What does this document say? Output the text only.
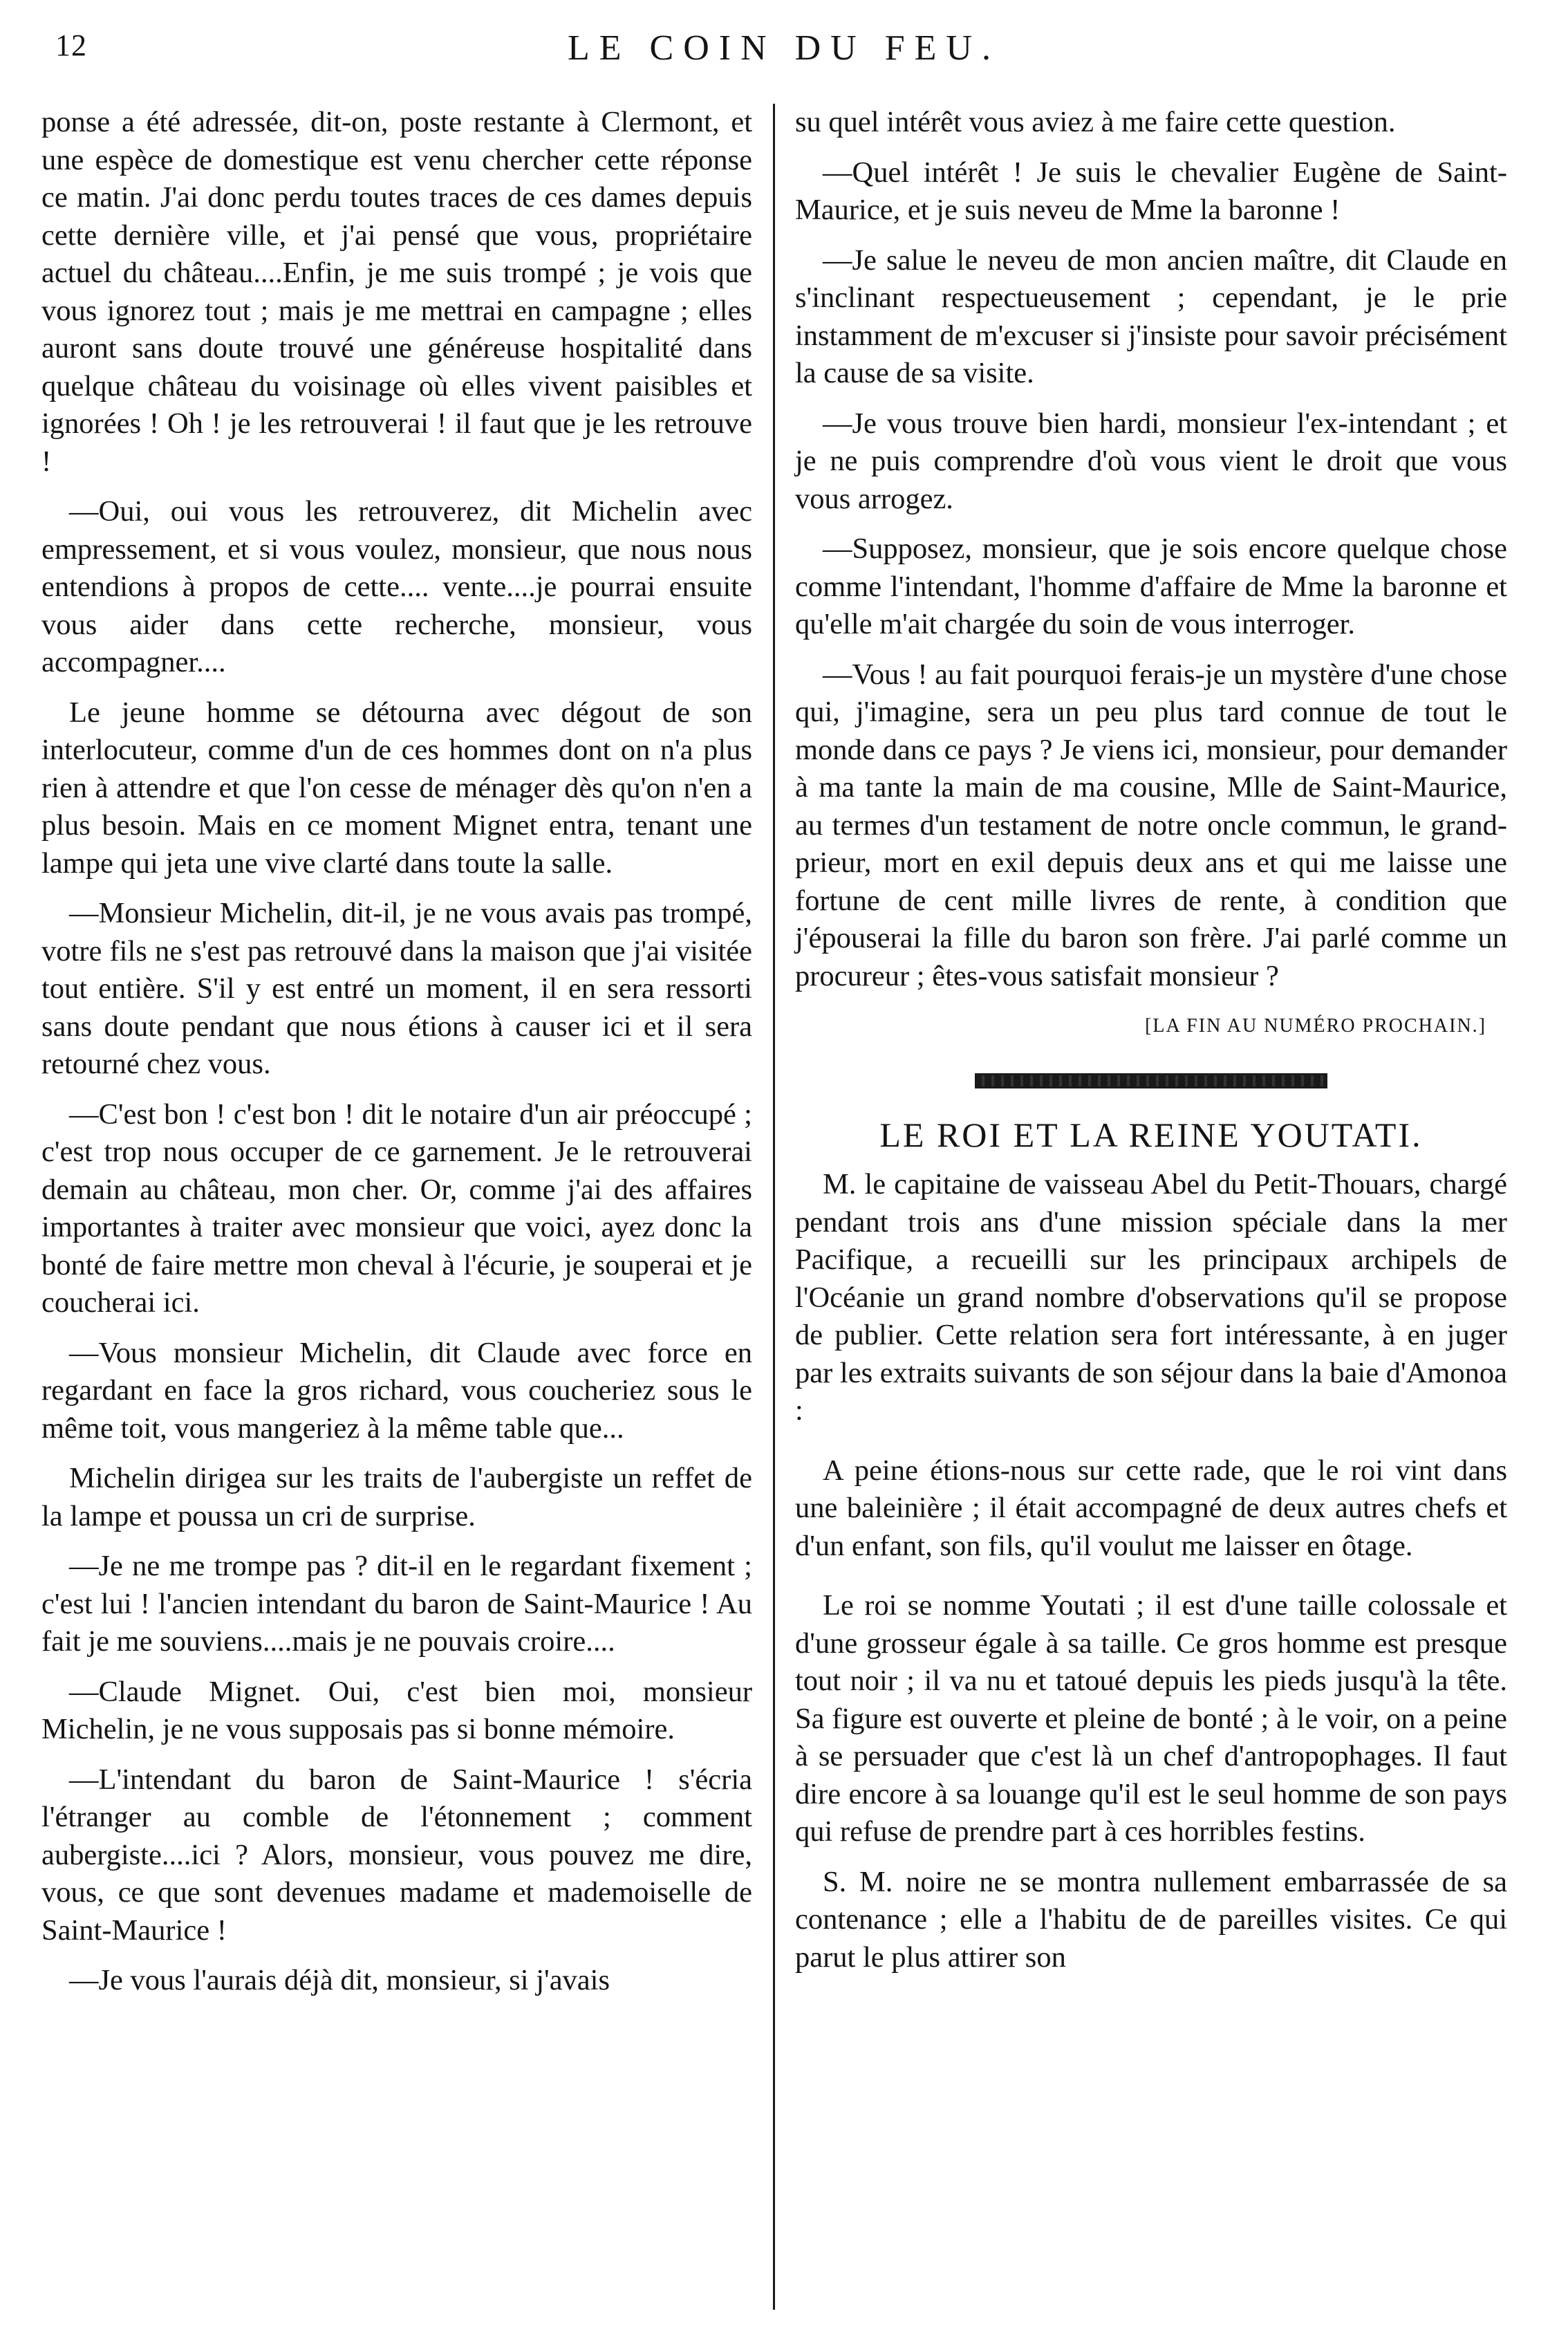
12	LE COIN DU FEU.

ponse a été adressée, dit-on, poste restante à Clermont, et une espèce de domestique est venu chercher cette réponse ce matin. J'ai donc perdu toutes traces de ces dames depuis cette dernière ville, et j'ai pensé que vous, propriétaire actuel du château....Enfin, je me suis trompé ; je vois que vous ignorez tout ; mais je me mettrai en campagne ; elles auront sans doute trouvé une généreuse hospitalité dans quelque château du voisinage où elles vivent paisibles et ignorées ! Oh ! je les retrouverai ! il faut que je les retrouve !

—Oui, oui vous les retrouverez, dit Michelin avec empressement, et si vous voulez, monsieur, que nous nous entendions à propos de cette.... vente....je pourrai ensuite vous aider dans cette recherche, monsieur, vous accompagner....

Le jeune homme se détourna avec dégout de son interlocuteur, comme d'un de ces hommes dont on n'a plus rien à attendre et que l'on cesse de ménager dès qu'on n'en a plus besoin. Mais en ce moment Mignet entra, tenant une lampe qui jeta une vive clarté dans toute la salle.

—Monsieur Michelin, dit-il, je ne vous avais pas trompé, votre fils ne s'est pas retrouvé dans la maison que j'ai visitée tout entière. S'il y est entré un moment, il en sera ressorti sans doute pendant que nous étions à causer ici et il sera retourné chez vous.

—C'est bon ! c'est bon ! dit le notaire d'un air préoccupé ; c'est trop nous occuper de ce garnement. Je le retrouverai demain au château, mon cher. Or, comme j'ai des affaires importantes à traiter avec monsieur que voici, ayez donc la bonté de faire mettre mon cheval à l'écurie, je souperai et je coucherai ici.

—Vous monsieur Michelin, dit Claude avec force en regardant en face la gros richard, vous coucheriez sous le même toit, vous mangeriez à la même table que...

Michelin dirigea sur les traits de l'aubergiste un reffet de la lampe et poussa un cri de surprise.

—Je ne me trompe pas ? dit-il en le regardant fixement ; c'est lui ! l'ancien intendant du baron de Saint-Maurice ! Au fait je me souviens....mais je ne pouvais croire....

—Claude Mignet. Oui, c'est bien moi, monsieur Michelin, je ne vous supposais pas si bonne mémoire.

—L'intendant du baron de Saint-Maurice ! s'écria l'étranger au comble de l'étonnement ; comment aubergiste....ici ? Alors, monsieur, vous pouvez me dire, vous, ce que sont devenues madame et mademoiselle de Saint-Maurice !

—Je vous l'aurais déjà dit, monsieur, si j'avais

su quel intérêt vous aviez à me faire cette question.

—Quel intérêt ! Je suis le chevalier Eugène de Saint-Maurice, et je suis neveu de Mme la baronne !

—Je salue le neveu de mon ancien maître, dit Claude en s'inclinant respectueusement ; cependant, je le prie instamment de m'excuser si j'insiste pour savoir précisément la cause de sa visite.

—Je vous trouve bien hardi, monsieur l'ex-intendant ; et je ne puis comprendre d'où vous vient le droit que vous vous arrogez.

—Supposez, monsieur, que je sois encore quelque chose comme l'intendant, l'homme d'affaire de Mme la baronne et qu'elle m'ait chargée du soin de vous interroger.

—Vous ! au fait pourquoi ferais-je un mystère d'une chose qui, j'imagine, sera un peu plus tard connue de tout le monde dans ce pays ? Je viens ici, monsieur, pour demander à ma tante la main de ma cousine, Mlle de Saint-Maurice, au termes d'un testament de notre oncle commun, le grand-prieur, mort en exil depuis deux ans et qui me laisse une fortune de cent mille livres de rente, à condition que j'épouserai la fille du baron son frère. J'ai parlé comme un procureur ; êtes-vous satisfait monsieur ?

[LA FIN AU NUMÉRO PROCHAIN.]
LE ROI ET LA REINE YOUTATI.

M. le capitaine de vaisseau Abel du Petit-Thouars, chargé pendant trois ans d'une mission spéciale dans la mer Pacifique, a recueilli sur les principaux archipels de l'Océanie un grand nombre d'observations qu'il se propose de publier. Cette relation sera fort intéressante, à en juger par les extraits suivants de son séjour dans la baie d'Amonoa :

A peine étions-nous sur cette rade, que le roi vint dans une baleinière ; il était accompagné de deux autres chefs et d'un enfant, son fils, qu'il voulut me laisser en ôtage.

Le roi se nomme Youtati ; il est d'une taille colossale et d'une grosseur égale à sa taille. Ce gros homme est presque tout noir ; il va nu et tatoué depuis les pieds jusqu'à la tête. Sa figure est ouverte et pleine de bonté ; à le voir, on a peine à se persuader que c'est là un chef d'antropophages. Il faut dire encore à sa louange qu'il est le seul homme de son pays qui refuse de prendre part à ces horribles festins.

S. M. noire ne se montra nullement embarrassée de sa contenance ; elle a l'habitu de de pareilles visites. Ce qui parut le plus attirer son
